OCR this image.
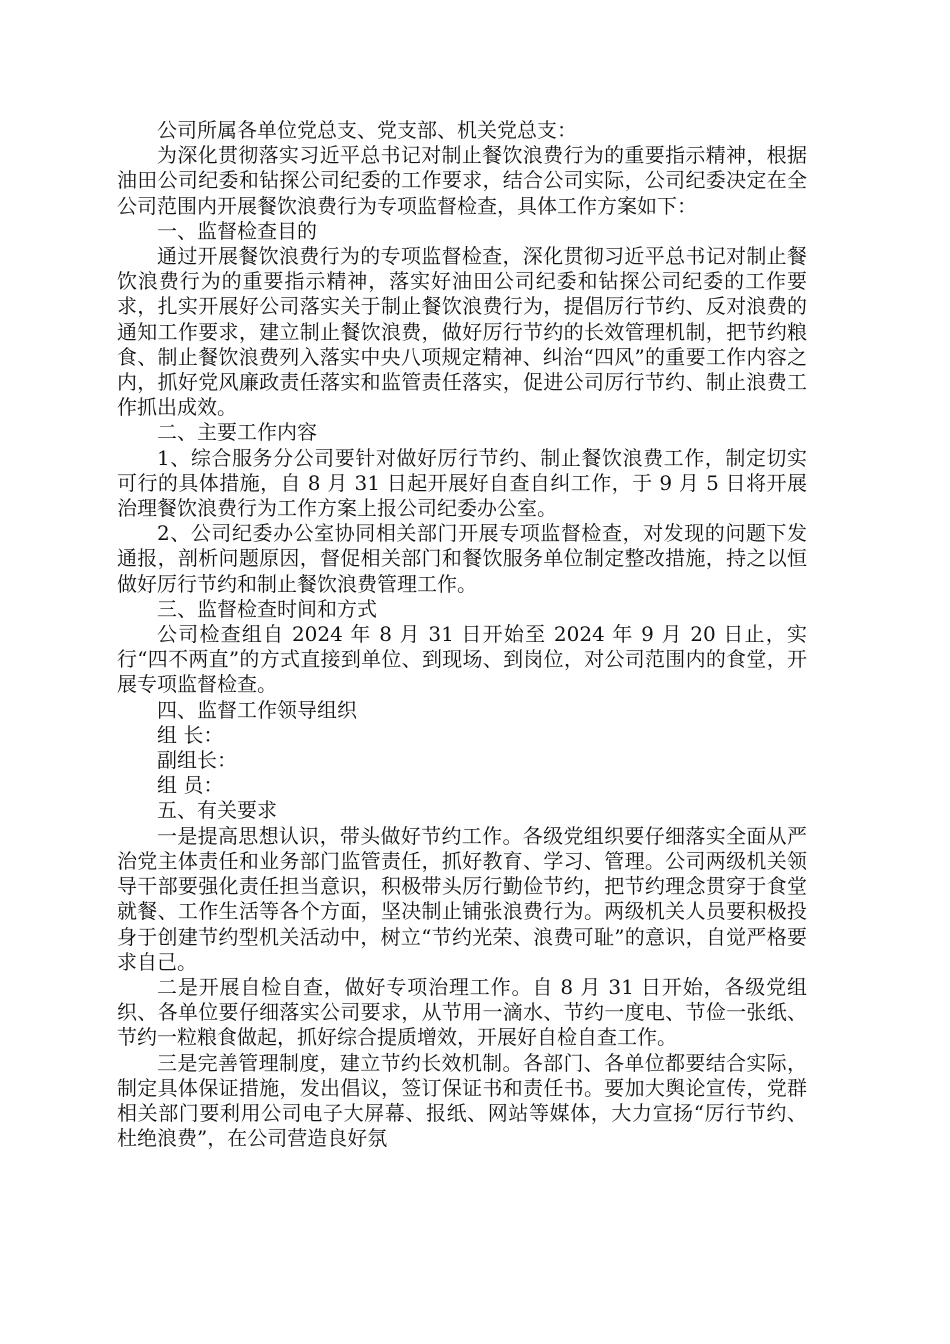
公司所属各单位党总支、党支部、机关党总支：

为深化贯彻落实习近平总书记对制止餐饮浪费行为的重要指示精神，根据油田公司纪委和钻探公司纪委的工作要求，结合公司实际，公司纪委决定在全公司范围内开展餐饮浪费行为专项监督检查，具体工作方案如下：

一、监督检查目的

通过开展餐饮浪费行为的专项监督检查，深化贯彻习近平总书记对制止餐饮浪费行为的重要指示精神，落实好油田公司纪委和钻探公司纪委的工作要求，扎实开展好公司落实关于制止餐饮浪费行为，提倡厉行节约、反对浪费的通知工作要求，建立制止餐饮浪费，做好厉行节约的长效管理机制，把节约粮食、制止餐饮浪费列入落实中央八项规定精神、纠治“四风”的重要工作内容之内，抓好党风廉政责任落实和监管责任落实，促进公司厉行节约、制止浪费工作抓出成效。

二、主要工作内容

1、综合服务分公司要针对做好厉行节约、制止餐饮浪费工作，制定切实可行的具体措施，自 8 月 31 日起开展好自查自纠工作，于 9 月 5 日将开展治理餐饮浪费行为工作方案上报公司纪委办公室。

2、公司纪委办公室协同相关部门开展专项监督检查，对发现的问题下发通报，剖析问题原因，督促相关部门和餐饮服务单位制定整改措施，持之以恒做好厉行节约和制止餐饮浪费管理工作。

三、监督检查时间和方式

公司检查组自 2024 年 8 月 31 日开始至 2024 年 9 月 20 日止，实行“四不两直”的方式直接到单位、到现场、到岗位，对公司范围内的食堂，开展专项监督检查。

四、监督工作领导组织

组 长：

副组长：

组 员：

五、有关要求

一是提高思想认识，带头做好节约工作。各级党组织要仔细落实全面从严治党主体责任和业务部门监管责任，抓好教育、学习、管理。公司两级机关领导干部要强化责任担当意识，积极带头厉行勤俭节约，把节约理念贯穿于食堂就餐、工作生活等各个方面，坚决制止铺张浪费行为。两级机关人员要积极投身于创建节约型机关活动中，树立“节约光荣、浪费可耻”的意识，自觉严格要求自己。

二是开展自检自查，做好专项治理工作。自 8 月 31 日开始，各级党组织、各单位要仔细落实公司要求，从节用一滴水、节约一度电、节俭一张纸、节约一粒粮食做起，抓好综合提质增效，开展好自检自查工作。

三是完善管理制度，建立节约长效机制。各部门、各单位都要结合实际，制定具体保证措施，发出倡议，签订保证书和责任书。要加大舆论宣传，党群相关部门要利用公司电子大屏幕、报纸、网站等媒体，大力宣扬“厉行节约、杜绝浪费”，在公司营造良好氛
